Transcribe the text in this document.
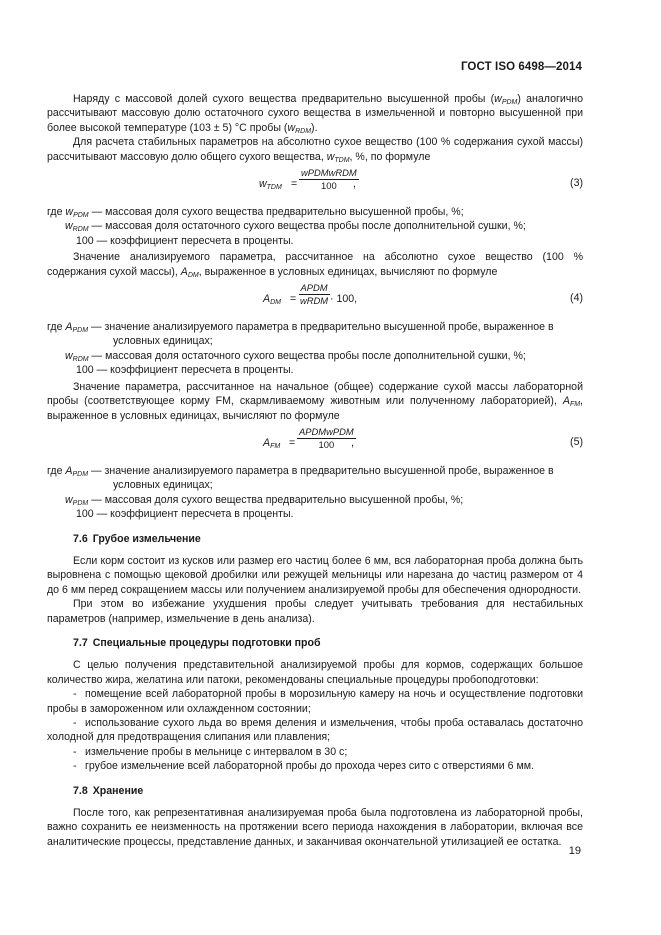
ГОСТ ISO 6498—2014

Наряду с массовой долей сухого вещества предварительно высушенной пробы $(w_{PDM})$ аналогично рассчитывают массовую долю остаточного сухого вещества в измельченной и повторно высушенной при более высокой температуре (103 ± 5) °С пробы $(w_{RDM})$.

Для расчета стабильных параметров на абсолютно сухое вещество (100 % содержания сухой массы) рассчитывают массовую долю общего сухого вещества, $w_{TDM}$, %, по формуле

$w_{TDM}$ =
wPDMwRDM
100 ,	(3)
где $w_{PDM}$ — массовая доля сухого вещества предварительно высушенной пробы, %;
$w_{RDM}$ — массовая доля остаточного сухого вещества пробы после дополнительной сушки, %;
100 — коэффициент пересчета в проценты.

Значение анализируемого параметра, рассчитанное на абсолютно сухое вещество (100 % содержания сухой массы), $A_{DM}$, выраженное в условных единицах, вычисляют по формуле

$A_{DM}$ =
APDM
wRDM · 100,	(4)
где $A_{PDM}$ — значение анализируемого параметра в предварительно высушенной пробе, выраженное в
условных единицах;
$w_{RDM}$ — массовая доля остаточного сухого вещества пробы после дополнительной сушки, %;
100 — коэффициент пересчета в проценты.

Значение параметра, рассчитанное на начальное (общее) содержание сухой массы лабораторной пробы (соответствующее корму FM, скармливаемому животным или полученному лабораторией), $A_{FM}$, выраженное в условных единицах, вычисляют по формуле

$A_{FM}$ =
APDMwPDM
100 ,	(5)
где $A_{PDM}$ — значение анализируемого параметра в предварительно высушенной пробе, выраженное в
условных единицах;
$w_{PDM}$ — массовая доля сухого вещества предварительно высушенной пробы, %;
100 — коэффициент пересчета в проценты.
7.6 Грубое измельчение

Если корм состоит из кусков или размер его частиц более 6 мм, вся лабораторная проба должна быть выровнена с помощью щековой дробилки или режущей мельницы или нарезана до частиц размером от 4 до 6 мм перед сокращением массы или получением анализируемой пробы для обеспечения однородности.

При этом во избежание ухудшения пробы следует учитывать требования для нестабильных параметров (например, измельчение в день анализа).

7.7 Специальные процедуры подготовки проб

С целью получения представительной анализируемой пробы для кормов, содержащих большое количество жира, желатина или патоки, рекомендованы специальные процедуры пробоподготовки:

- помещение всей лабораторной пробы в морозильную камеру на ночь и осуществление подготовки пробы в замороженном или охлажденном состоянии;

- использование сухого льда во время деления и измельчения, чтобы проба оставалась достаточно холодной для предотвращения слипания или плавления;

- измельчение пробы в мельнице с интервалом в 30 с;

- грубое измельчение всей лабораторной пробы до прохода через сито с отверстиями 6 мм.

7.8 Хранение

После того, как репрезентативная анализируемая проба была подготовлена из лабораторной пробы, важно сохранить ее неизменность на протяжении всего периода нахождения в лаборатории, включая все аналитические процессы, представление данных, и заканчивая окончательной утилизацией ее остатка.

19
